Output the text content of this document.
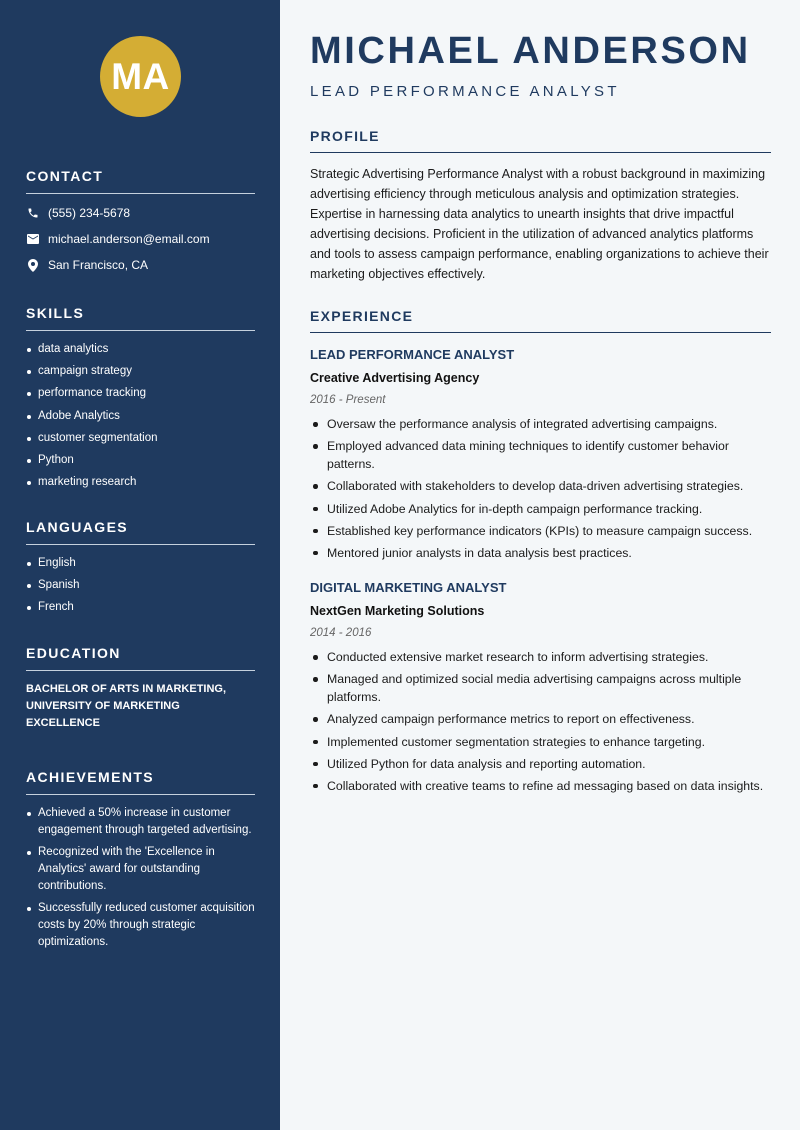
MA
CONTACT
(555) 234-5678
michael.anderson@email.com
San Francisco, CA
SKILLS
data analytics
campaign strategy
performance tracking
Adobe Analytics
customer segmentation
Python
marketing research
LANGUAGES
English
Spanish
French
EDUCATION
BACHELOR OF ARTS IN MARKETING, UNIVERSITY OF MARKETING EXCELLENCE
ACHIEVEMENTS
Achieved a 50% increase in customer engagement through targeted advertising.
Recognized with the 'Excellence in Analytics' award for outstanding contributions.
Successfully reduced customer acquisition costs by 20% through strategic optimizations.
MICHAEL ANDERSON
LEAD PERFORMANCE ANALYST
PROFILE
Strategic Advertising Performance Analyst with a robust background in maximizing advertising efficiency through meticulous analysis and optimization strategies. Expertise in harnessing data analytics to unearth insights that drive impactful advertising decisions. Proficient in the utilization of advanced analytics platforms and tools to assess campaign performance, enabling organizations to achieve their marketing objectives effectively.
EXPERIENCE
LEAD PERFORMANCE ANALYST
Creative Advertising Agency
2016 - Present
Oversaw the performance analysis of integrated advertising campaigns.
Employed advanced data mining techniques to identify customer behavior patterns.
Collaborated with stakeholders to develop data-driven advertising strategies.
Utilized Adobe Analytics for in-depth campaign performance tracking.
Established key performance indicators (KPIs) to measure campaign success.
Mentored junior analysts in data analysis best practices.
DIGITAL MARKETING ANALYST
NextGen Marketing Solutions
2014 - 2016
Conducted extensive market research to inform advertising strategies.
Managed and optimized social media advertising campaigns across multiple platforms.
Analyzed campaign performance metrics to report on effectiveness.
Implemented customer segmentation strategies to enhance targeting.
Utilized Python for data analysis and reporting automation.
Collaborated with creative teams to refine ad messaging based on data insights.
